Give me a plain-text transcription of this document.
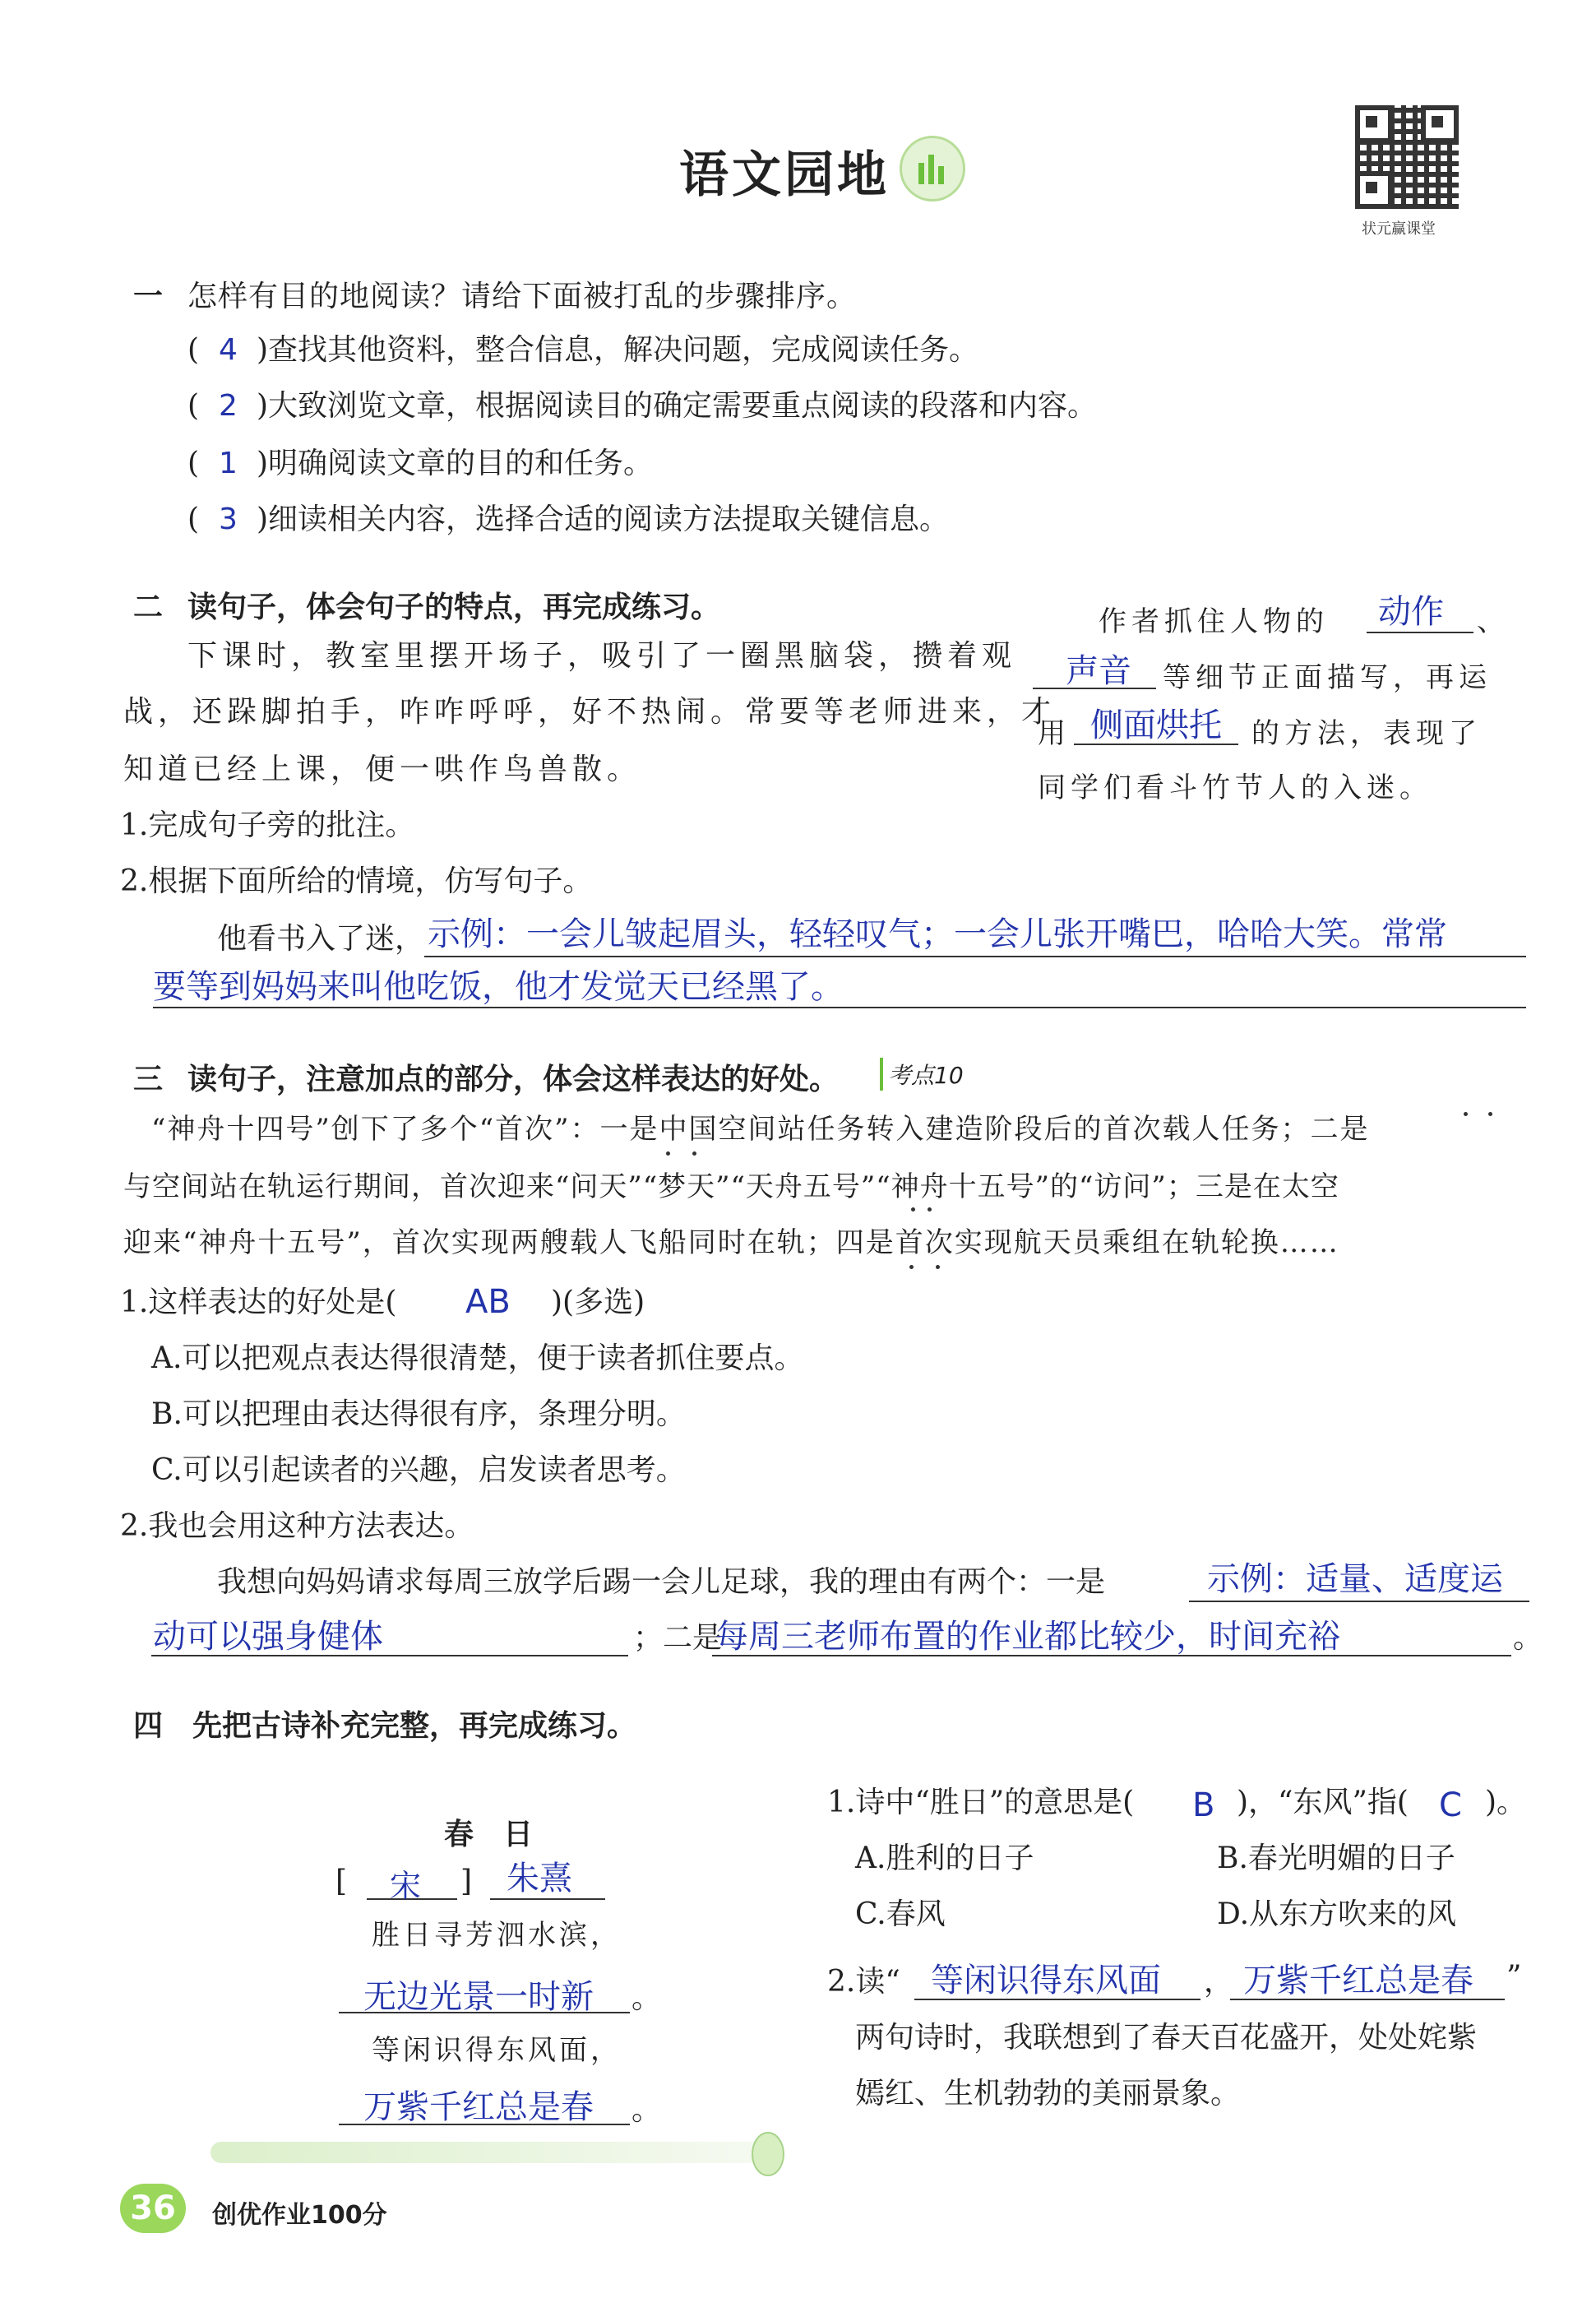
语文园地
状元赢课堂
一 怎样有目的地阅读？请给下面被打乱的步骤排序。
( 4 )查找其他资料，整合信息，解决问题，完成阅读任务。
( 2 )大致浏览文章，根据阅读目的确定需要重点阅读的段落和内容。
( 1 )明确阅读文章的目的和任务。
( 3 )细读相关内容，选择合适的阅读方法提取关键信息。
二 读句子，体会句子的特点，再完成练习。
下课时，教室里摆开场子，吸引了一圈黑脑袋，攒着观
战，还跺脚拍手，咋咋呼呼，好不热闹。常要等老师进来，才
知道已经上课，便一哄作鸟兽散。
作者抓住人物的 动作 、
声音 等细节正面描写，再运
用 侧面烘托 的方法，表现了
同学们看斗竹节人的入迷。
1.完成句子旁的批注。
2.根据下面所给的情境，仿写句子。
他看书入了迷， 示例：一会儿皱起眉头，轻轻叹气；一会儿张开嘴巴，哈哈大笑。常常
要等到妈妈来叫他吃饭，他才发觉天已经黑了。
三 读句子，注意加点的部分，体会这样表达的好处。	考点10
“神舟十四号”创下了多个“首次”：一是中国空间站任务转入建造阶段后的首次载人任务；二是
与空间站在轨运行期间，首次迎来“问天”“梦天”“天舟五号”“神舟十五号”的“访问”；三是在太空
迎来“神舟十五号”，首次实现两艘载人飞船同时在轨；四是首次实现航天员乘组在轨轮换……
1.这样表达的好处是( AB )(多选)
A.可以把观点表达得很清楚，便于读者抓住要点。
B.可以把理由表达得很有序，条理分明。
C.可以引起读者的兴趣，启发读者思考。
2.我也会用这种方法表达。
我想向妈妈请求每周三放学后踢一会儿足球，我的理由有两个：一是	示例：适量、适度运
动可以强身健体	；二是
每周三老师布置的作业都比较少，时间充裕	。
四 先把古诗补充完整，再完成练习。
春　日
[ 宋 ] 朱熹
胜日寻芳泗水滨，
无边光景一时新 。
等闲识得东风面，
万紫千红总是春 。
1.诗中“胜日”的意思是( B )，“东风”指( C )。
A.胜利的日子	B.春光明媚的日子
C.春风	D.从东方吹来的风
2.读“ 等闲识得东风面 ， 万紫千红总是春 ”
两句诗时，我联想到了春天百花盛开，处处姹紫
嫣红、生机勃勃的美丽景象。
36	创优作业100分
